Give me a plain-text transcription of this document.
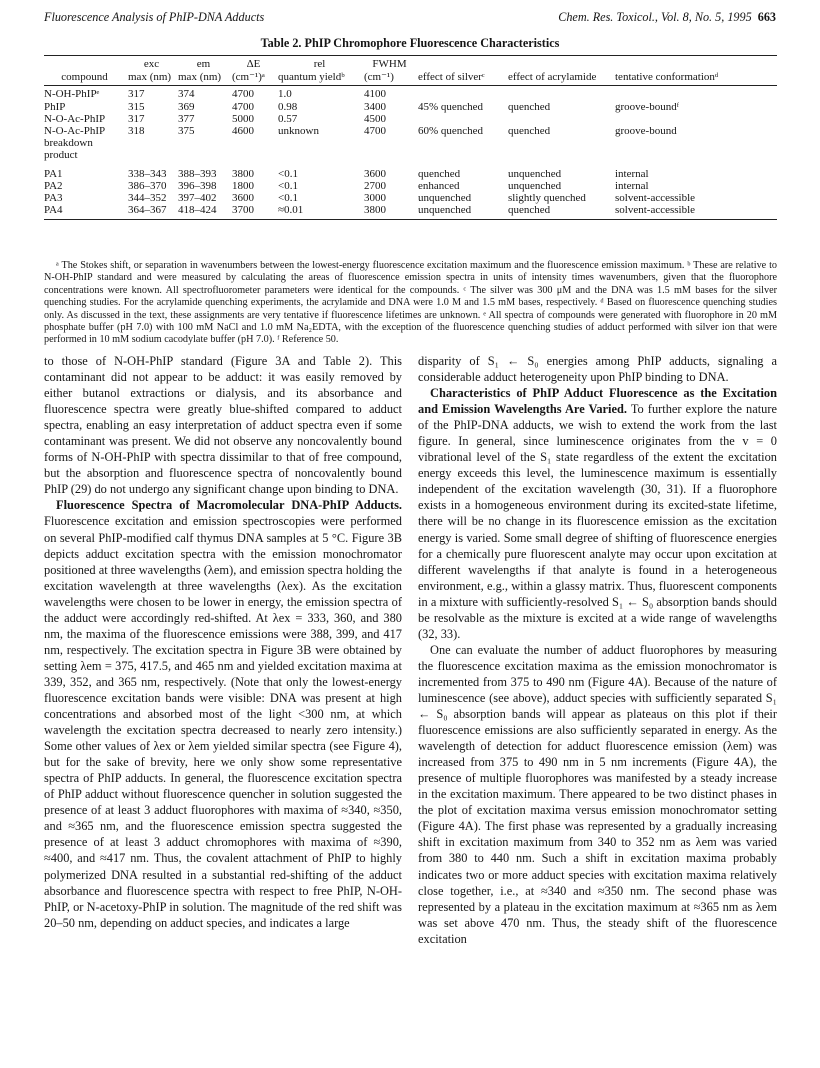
Fluorescence Analysis of PhIP-DNA Adducts	Chem. Res. Toxicol., Vol. 8, No. 5, 1995 663
Table 2. PhIP Chromophore Fluorescence Characteristics
	exc	em	ΔE	rel	FWHM			
compound	max (nm)	max (nm)	(cm⁻¹)ᵃ	quantum yieldᵇ	(cm⁻¹)	effect of silverᶜ	effect of acrylamide	tentative conformationᵈ
N-OH-PhIPᵉ	317	374	4700	1.0	4100			
PhIP	315	369	4700	0.98	3400	45% quenched	quenched	groove-boundᶠ
N-O-Ac-PhIP	317	377	5000	0.57	4500			
N-O-Ac-PhIP breakdown product	318	375	4600	unknown	4700	60% quenched	quenched	groove-bound
PA1	338–343	388–393	3800	<0.1	3600	quenched	unquenched	internal
PA2	386–370	396–398	1800	<0.1	2700	enhanced	unquenched	internal
PA3	344–352	397–402	3600	<0.1	3000	unquenched	slightly quenched	solvent-accessible
PA4	364–367	418–424	3700	≈0.01	3800	unquenched	quenched	solvent-accessible
ᵃ The Stokes shift, or separation in wavenumbers between the lowest-energy fluorescence excitation maximum and the fluorescence emission maximum. ᵇ These are relative to N-OH-PhIP standard and were measured by calculating the areas of fluorescence emission spectra in units of intensity times wavenumbers, given that the fluorophore concentrations were known. All spectrofluorometer parameters were identical for the compounds. ᶜ The silver was 300 μM and the DNA was 1.5 mM bases for the silver quenching studies. For the acrylamide quenching experiments, the acrylamide and DNA were 1.0 M and 1.5 mM bases, respectively. ᵈ Based on fluorescence quenching studies only. As discussed in the text, these assignments are very tentative if fluorescence lifetimes are unknown. ᵉ All spectra of compounds were generated with fluorophore in 20 mM phosphate buffer (pH 7.0) with 100 mM NaCl and 1.0 mM Na₂EDTA, with the exception of the fluorescence quenching studies of adduct performed with silver ion that were performed in 10 mM sodium cacodylate buffer (pH 7.0). ᶠ Reference 50.

to those of N-OH-PhIP standard (Figure 3A and Table 2). This contaminant did not appear to be adduct: it was easily removed by either butanol extractions or dialysis, and its absorbance and fluorescence spectra were greatly blue-shifted compared to adduct spectra, enabling an easy interpretation of adduct spectra even if some contaminant was present. We did not observe any noncovalently bound forms of N-OH-PhIP with spectra dissimilar to that of free compound, but the absorption and fluorescence spectra of noncovalently bound PhIP (29) do not undergo any significant change upon binding to DNA.

Fluorescence Spectra of Macromolecular DNA-PhIP Adducts. Fluorescence excitation and emission spectroscopies were performed on several PhIP-modified calf thymus DNA samples at 5 °C. Figure 3B depicts adduct excitation spectra with the emission monochromator positioned at three wavelengths (λem), and emission spectra holding the excitation wavelength at three wavelengths (λex). As the excitation wavelengths were chosen to be lower in energy, the emission spectra of the adduct were accordingly red-shifted. At λex = 333, 360, and 380 nm, the maxima of the fluorescence emissions were 388, 399, and 417 nm, respectively. The excitation spectra in Figure 3B were obtained by setting λem = 375, 417.5, and 465 nm and yielded excitation maxima at 339, 352, and 365 nm, respectively. (Note that only the lowest-energy fluorescence excitation bands were visible: DNA was present at high concentrations and absorbed most of the light <300 nm, at which wavelength the excitation spectra decreased to nearly zero intensity.) Some other values of λex or λem yielded similar spectra (see Figure 4), but for the sake of brevity, here we only show some representative spectra of PhIP adducts. In general, the fluorescence excitation spectra of PhIP adduct without fluorescence quencher in solution suggested the presence of at least 3 adduct fluorophores with maxima of ≈340, ≈350, and ≈365 nm, and the fluorescence emission spectra suggested the presence of at least 3 adduct chromophores with maxima of ≈390, ≈400, and ≈417 nm. Thus, the covalent attachment of PhIP to highly polymerized DNA resulted in a substantial red-shifting of the adduct absorbance and fluorescence spectra with respect to free PhIP, N-OH-PhIP, or N-acetoxy-PhIP in solution. The magnitude of the red shift was 20–50 nm, depending on adduct species, and indicates a large

disparity of S₁ ← S₀ energies among PhIP adducts, signaling a considerable adduct heterogeneity upon PhIP binding to DNA.

Characteristics of PhIP Adduct Fluorescence as the Excitation and Emission Wavelengths Are Varied. To further explore the nature of the PhIP-DNA adducts, we wish to extend the work from the last figure. In general, since luminescence originates from the v = 0 vibrational level of the S₁ state regardless of the extent the excitation energy exceeds this level, the luminescence maximum is essentially independent of the excitation wavelength (30, 31). If a fluorophore exists in a homogeneous environment during its excited-state lifetime, there will be no change in its fluorescence emission as the excitation energy is varied. Some small degree of shifting of fluorescence energies for a chemically pure fluorescent analyte may occur upon excitation at different wavelengths if that analyte is found in a heterogeneous environment, e.g., within a glassy matrix. Thus, fluorescent components in a mixture with sufficiently-resolved S₁ ← S₀ absorption bands should be resolvable as the mixture is excited at a wide range of wavelengths (32, 33).

One can evaluate the number of adduct fluorophores by measuring the fluorescence excitation maxima as the emission monochromator is incremented from 375 to 490 nm (Figure 4A). Because of the nature of luminescence (see above), adduct species with sufficiently separated S₁ ← S₀ absorption bands will appear as plateaus on this plot if their fluorescence emissions are also sufficiently separated in energy. As the wavelength of detection for adduct fluorescence emission (λem) was increased from 375 to 490 nm in 5 nm increments (Figure 4A), the presence of multiple fluorophores was manifested by a steady increase in the excitation maximum. There appeared to be two distinct phases in the plot of excitation maxima versus emission monochromator setting (Figure 4A). The first phase was represented by a gradually increasing shift in excitation maximum from 340 to 352 nm as λem was varied from 380 to 440 nm. Such a shift in excitation maxima probably indicates two or more adduct species with excitation maxima relatively close together, i.e., at ≈340 and ≈350 nm. The second phase was represented by a plateau in the excitation maximum at ≈365 nm as λem was set above 470 nm. Thus, the steady shift of the fluorescence excitation
